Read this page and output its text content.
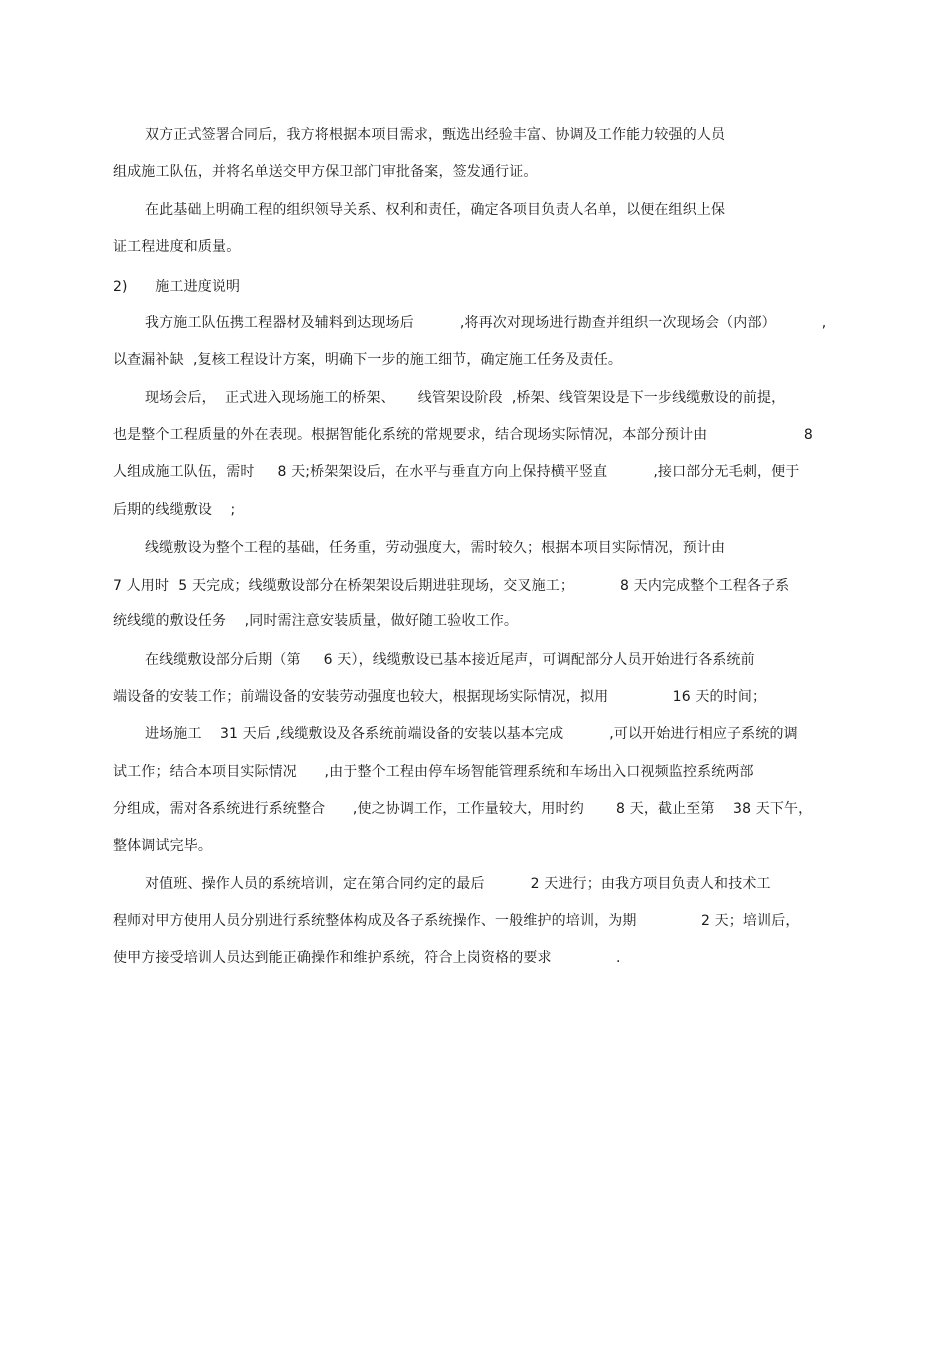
双方正式签署合同后，我方将根据本项目需求，甄选出经验丰富、协调及工作能力较强的人员
组成施工队伍，并将名单送交甲方保卫部门审批备案，签发通行证。
在此基础上明确工程的组织领导关系、权利和责任，确定各项目负责人名单，以便在组织上保
证工程进度和质量。
2)      施工进度说明
我方施工队伍携工程器材及辅料到达现场后          ,将再次对现场进行勘查并组织一次现场会（内部）          ,
以查漏补缺  ,复核工程设计方案，明确下一步的施工细节，确定施工任务及责任。
现场会后，  正式进入现场施工的桥架、     线管架设阶段  ,桥架、线管架设是下一步线缆敷设的前提，
也是整个工程质量的外在表现。根据智能化系统的常规要求，结合现场实际情况，本部分预计由                     8
人组成施工队伍，需时     8 天;桥架架设后，在水平与垂直方向上保持横平竖直          ,接口部分无毛刺，便于
后期的线缆敷设    ;
线缆敷设为整个工程的基础，任务重，劳动强度大，需时较久；根据本项目实际情况，预计由
7 人用时  5 天完成；线缆敷设部分在桥架架设后期进驻现场，交叉施工；          8 天内完成整个工程各子系
统线缆的敷设任务    ,同时需注意安装质量，做好随工验收工作。
在线缆敷设部分后期（第     6 天），线缆敷设已基本接近尾声，可调配部分人员开始进行各系统前
端设备的安装工作；前端设备的安装劳动强度也较大，根据现场实际情况，拟用              16 天的时间；
进场施工    31 天后 ,线缆敷设及各系统前端设备的安装以基本完成          ,可以开始进行相应子系统的调
试工作；结合本项目实际情况      ,由于整个工程由停车场智能管理系统和车场出入口视频监控系统两部
分组成，需对各系统进行系统整合      ,使之协调工作，工作量较大，用时约       8 天，截止至第    38 天下午，
整体调试完毕。
对值班、操作人员的系统培训，定在第合同约定的最后          2 天进行；由我方项目负责人和技术工
程师对甲方使用人员分别进行系统整体构成及各子系统操作、一般维护的培训，为期              2 天；培训后，
使甲方接受培训人员达到能正确操作和维护系统，符合上岗资格的要求              .
